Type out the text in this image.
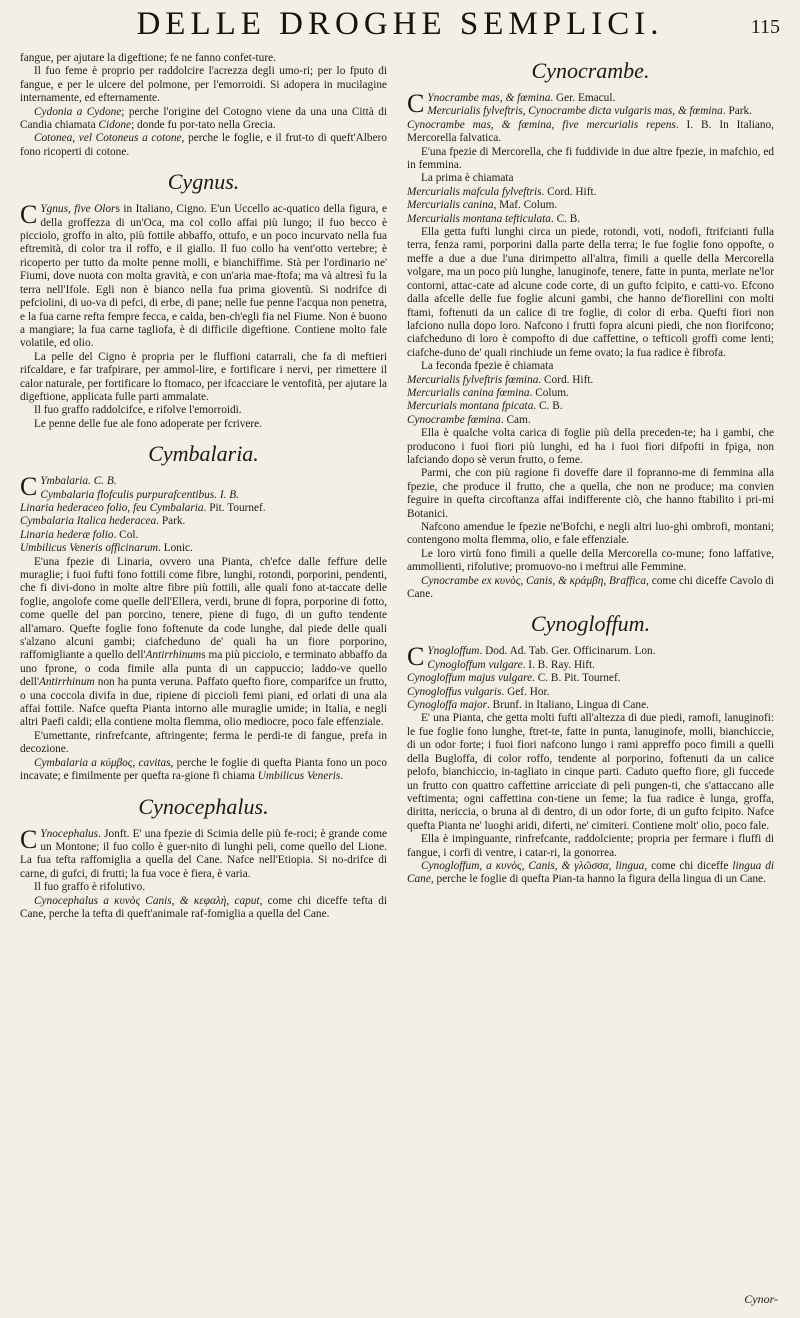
DELLE DROGHE SEMPLICI.	115

fangue, per ajutare la digeftione; fe ne fanno confet-ture.

Il fuo feme è proprio per raddolcire l'acrezza degli umo-ri; per lo fputo di fangue, e per le ulcere del polmone, per l'emorroidi. Si adopera in mucilagine internamente, ed efternamente.

Cydonia a Cydone; perche l'origine del Cotogno viene da una una Città di Candia chiamata Cidone; donde fu por-tato nella Grecia.

Cotonea, vel Cotoneus a cotone, perche le foglie, e il frut-to di queft'Albero fono ricoperti di cotone.

Cygnus.

C Ygnus, five Olors in Italiano, Cigno. E'un Uccello ac-quatico della figura, e della groffezza di un'Oca, ma col collo affai più lungo; il fuo becco è picciolo, groffo in alto, più fottile abbaffo, ottufo, e un poco incurvato nella fua eftremità, di color tra il roffo, e il giallo. Il fuo collo ha vent'otto vertebre; è ricoperto per tutto da molte penne molli, e bianchiffime. Stà per l'ordinario ne' Fiumi, dove nuota con molta gravità, e con un'aria mae-ftofa; ma và altresì fu la terra nell'Ifole. Egli non è bianco nella fua prima gioventù. Si nodrifce di pefciolini, di uo-va di pefci, di erbe, di pane; nelle fue penne l'acqua non penetra, e la fua carne refta fempre fecca, e calda, ben-ch'egli fia nel Fiume. Non è buono a mangiare; la fua carne tagliofa, è di difficile digeftione. Contiene molto fale volatile, ed olio.

La pelle del Cigno è propria per le fluffioni catarrali, che fa di meftieri rifcaldare, e far trafpirare, per ammol-lire, e fortificare i nervi, per rimettere il calor naturale, per fortificare lo ftomaco, per ifcacciare le ventofità, per ajutare la digeftione, applicata fulle parti ammalate.

Il fuo graffo raddolcifce, e rifolve l'emorroidi.

Le penne delle fue ale fono adoperate per fcrivere.

Cymbalaria.

C Ymbalaria. C. B.

Cymbalaria flofculis purpurafcentibus. I. B.

Linaria hederaceo folio, feu Cymbalaria. Pit. Tournef.

Cymbalaria Italica hederacea. Park.

Linaria hederæ folio. Col.

Umbilicus Veneris officinarum. Lonic.

E'una fpezie di Linaria, ovvero una Pianta, ch'efce dalle feffure delle muraglie; i fuoi fufti fono fottili come fibre, lunghi, rotondi, porporini, pendenti, che fi divi-dono in molte altre fibre più fottili, alle quali fono at-taccate delle foglie, angolofe come quelle dell'Ellera, verdi, brune di fopra, porporine di fotto, come quelle del pan porcino, tenere, piene di fugo, di un gufto tendente all'amaro. Quefte foglie fono foftenute da code lunghe, dal piede delle quali s'alzano alcuni gambi; ciafcheduno de' quali ha un fiore porporino, raffomigliante a quello dell'Antirrhinums ma più picciolo, e terminato abbaffo da uno fprone, o coda fimile alla punta di un cappuccio; laddo-ve quello dell'Antirrhinum non ha punta veruna. Paffato quefto fiore, comparifce un frutto, o una coccola divifa in due, ripiene di piccioli femi piani, ed orlati di una ala affai fottile. Nafce quefta Pianta intorno alle muraglie umide; in Italia, e negli altri Paefi caldi; ella contiene molta flemma, olio mediocre, poco fale effenziale.

E'umettante, rinfrefcante, aftringente; ferma le perdi-te di fangue, prefa in decozione.

Cymbalaria a κύμβος, cavitas, perche le foglie di quefta Pianta fono un poco incavate; e fimilmente per quefta ra-gione fi chiama Umbilicus Veneris.

Cynocephalus.

C Ynocephalus. Jonft. E' una fpezie di Scimia delle più fe-roci; è grande come un Montone; il fuo collo è guer-nito di lunghi peli, come quello del Lione. La fua tefta raffomiglia a quella del Cane. Nafce nell'Etiopia. Si no-drifce di carne, di gufci, di frutti; la fua voce è fiera, è varia.

Il fuo graffo è rifolutivo.

Cynocephalus a κυνὸς Canis, & κεφαλὴ, caput, come chi diceffe tefta di Cane, perche la tefta di queft'animale raf-fomiglia a quella del Cane.

Cynocrambe.

C Ynocrambe mas, & fœmina. Ger. Emacul.

Mercurialis fylveftris, Cynocrambe dicta vulgaris mas, & fœmina. Park.

Cynocrambe mas, & fœmina, five mercurialis repens. I. B. In Italiano, Mercorella falvatica.

E'una fpezie di Mercorella, che fi fuddivide in due altre fpezie, in mafchio, ed in femmina.

La prima è chiamata

Mercurialis mafcula fylveftris. Cord. Hift.

Mercurialis canina, Maf. Colum.

Mercurialis montana tefticulata. C. B.

Ella getta fufti lunghi circa un piede, rotondi, voti, nodofi, ftrifcianti fulla terra, fenza rami, porporini dalla parte della terra; le fue foglie fono oppofte, o meffe a due a due l'una dirimpetto all'altra, fimili a quelle della Mercorella volgare, ma un poco più lunghe, lanuginofe, tenere, fatte in punta, merlate ne'lor contorni, attac-cate ad alcune code corte, di un gufto fcipito, e catti-vo. Efcono dalla afcelle delle fue foglie alcuni gambi, che hanno de'fiorellini con molti ftami, foftenuti da un calice di tre foglie, di color di erba. Quefti fiori non lafciono nulla dopo loro. Nafcono i frutti fopra alcuni piedi, che non fiorifcono; ciafcheduno di loro è compofto di due caffettine, o tefticoli groffi come lenti; ciafche-duno de' quali rinchiude un feme ovato; la fua radice è fibrofa.

La feconda fpezie è chiamata

Mercurialis fylveftris fœmina. Cord. Hift.

Mercurialis canina fœmina. Colum.

Mercurials montana fpicata. C. B.

Cynocrambe fœmina. Cam.

Ella è qualche volta carica di foglie più della preceden-te; ha i gambi, che producono i fuoi fiori più lunghi, ed ha i fuoi fiori difpofti in fpiga, non lafciando dopo sè verun frutto, o feme.

Parmi, che con più ragione fi doveffe dare il fopranno-me di femmina alla fpezie, che produce il frutto, che a quella, che non ne produce; ma convien feguire in quefta circoftanza affai indifferente ciò, che hanno ftabilito i pri-mi Botanici.

Nafcono amendue le fpezie ne'Bofchi, e negli altri luo-ghi ombrofi, montani; contengono molta flemma, olio, e fale effenziale.

Le loro virtù fono fimili a quelle della Mercorella co-mune; fono laffative, ammollienti, rifolutive; promuovo-no i meftrui alle Femmine.

Cynocrambe ex κυνὸς, Canis, & κράμβη, Braffica, come chi diceffe Cavolo di Cane.

Cynogloffum.

C Ynogloffum. Dod. Ad. Tab. Ger. Officinarum. Lon.

Cynogloffum vulgare. I. B. Ray. Hift.

Cynogloffum majus vulgare. C. B. Pit. Tournef.

Cynogloffus vulgaris. Gef. Hor.

Cynogloffa major. Brunf. in Italiano, Lingua di Cane.

E' una Pianta, che getta molti fufti all'altezza di due piedi, ramofi, lanuginofi: le fue foglie fono lunghe, ftret-te, fatte in punta, lanuginofe, molli, bianchiccie, di un odor forte; i fuoi fiori nafcono lungo i rami appreffo poco fimili a quelli della Bugloffa, di color roffo, tendente al porporino, foftenuti da un calice pelofo, bianchiccio, in-tagliato in cinque parti. Caduto quefto fiore, gli fuccede un frutto con quattro caffettine arricciate di peli pungen-ti, che s'attaccano alle veftimenta; ogni caffettina con-tiene un feme; la fua radice è lunga, groffa, diritta, nericcia, o bruna al di dentro, di un odor forte, di un gufto fcipito. Nafce quefta Pianta ne' luoghi aridi, diferti, ne' cimiteri. Contiene molt' olio, poco fale.

Ella è impinguante, rinfrefcante, raddolciente; propria per fermare i fluffi di fangue, i corfi di ventre, i catar-ri, la gonorrea.

Cynogloffum, a κυνὸς, Canis, & γλῶσσα, lingua, come chi diceffe lingua di Cane, perche le foglie di quefta Pian-ta hanno la figura della lingua di un Cane.

Cynor-
